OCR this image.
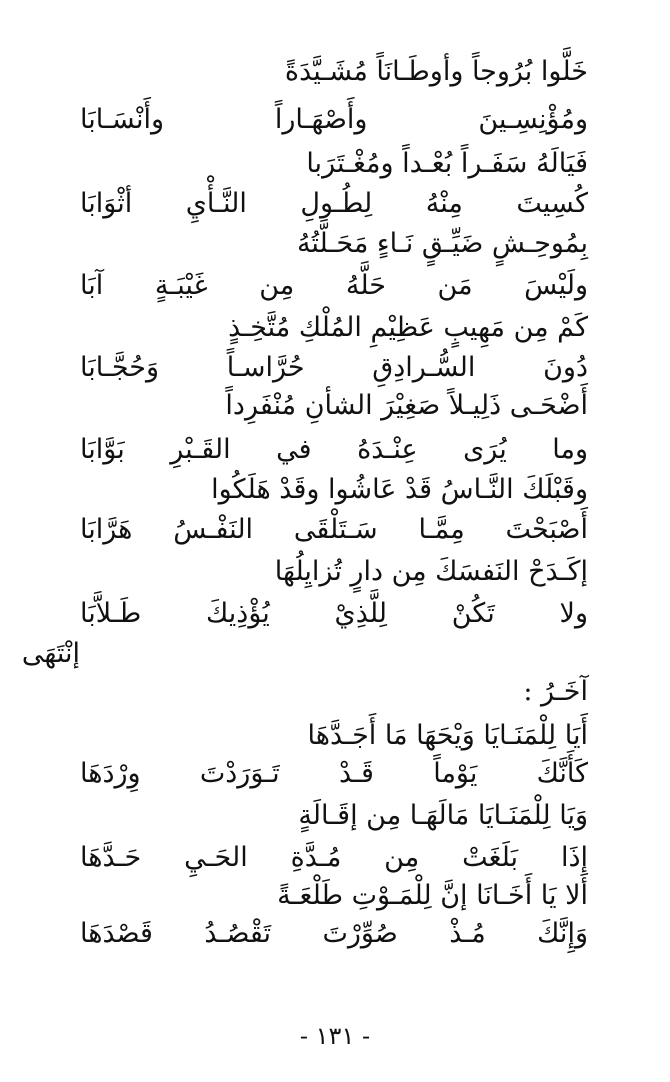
خَلَّوا بُرُوجاً وأوطَـانَاً مُشَـيَّدَةً
ومُؤْنِسِـينَ وأَصْهَـاراً وأَنْسَـابَا
فَيَالَهُ سَفَـراً بُعْـداً ومُغْـتَرَبا
كُسِيتَ مِنْهُ لِطُـولِ النَّـأْيِ أثْوَابَا
بِمُوحِـشٍ ضَيِّـقٍ نَـاءٍ مَحَـلَّتُهُ
ولَيْسَ مَن حَلَّهُ مِن غَيْبَـةٍ آبَا
كَمْ مِن مَهِيبٍ عَظِيْمِ المُلْكِ مُتَّخِـذٍ
دُونَ السُّـرادِقِ حُرَّاسـاً وَحُجَّـابَا
أَضْحَـى ذَلِيـلاً صَغِيْرَ الشأنِ مُنْفَرِداً
وما يُرَى عِنْـدَهُ في القَـبْرِ بَوَّابَا
وقَبْلَكَ النَّـاسُ قَدْ عَاشُوا وقَدْ هَلَكُوا
أَصْبَحْتَ مِمَّـا سَـتَلْقَى النَفْـسُ هَرَّابَا
إكَـدَحْ النَفسَكَ مِن دارٍ تُزايِلُهَا
ولا تَكُنْ لِلَّذِيْ يُؤْذِيكَ طَـلاَّبَا
إنْتَهَى
آخَـرُ :
أَيَا لِلْمَنَـايَا وَيْحَهَا مَا أَجَـدَّهَا
كَأَنَّكَ يَوْماً قَـدْ تَـوَرَدْتَ وِرْدَهَا
وَيَا لِلْمَنَـايَا مَالَهَـا مِن إقَـالَةٍ
إذَا بَلَغَتْ مِن مُـدَّةِ الحَـيِ حَـدَّهَا
أَلا يَا أَخَـانَا إنَّ لِلْمَـوْتِ طَلْعَـةً
وَإِنَّكَ مُـذْ صُوِّرْتَ تَقْصُـدُ قَصْدَهَا
- ١٣١ -
